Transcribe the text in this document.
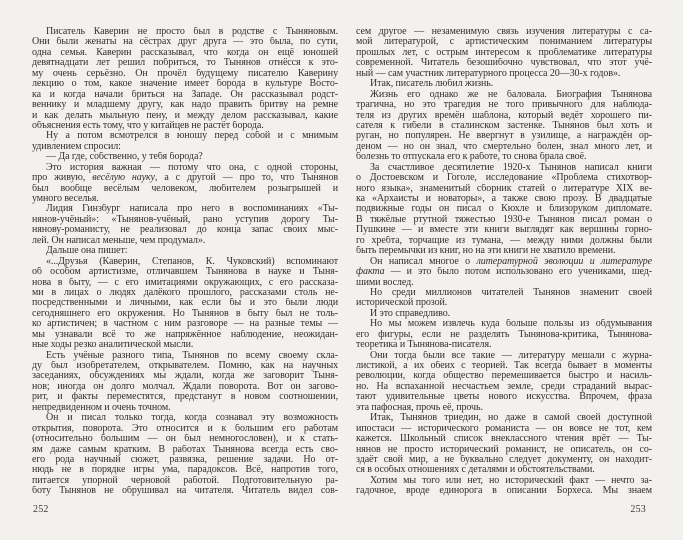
Писатель Каверин не просто был в родстве с Тыняновым.
Они были женаты на сёстрах друг друга — это была, по сути,
одна семья. Каверин рассказывал, что когда он ещё юношей
девятнадцати лет решил побриться, то Тынянов отнёсся к это-
му очень серьёзно. Он прочёл будущему писателю Каверину
лекцию о том, какое значение имеет борода в культуре Восто-
ка и когда начали бриться на Западе. Он рассказывал родст-
веннику и младшему другу, как надо править бритву на ремне
и как делать мыльную пену, и между делом рассказывал, какие
объяснения есть тому, что у китайцев не растёт борода.
Ну а потом всмотрелся в юношу перед собой и с мнимым
удивлением спросил:
— Да где, собственно, у тебя борода?
Это история важная — потому что она, с одной стороны,
про живую, весёлую науку, а с другой — про то, что Тынянов
был вообще весёлым человеком, любителем розыгрышей и
умного веселья.
Лидия Гинзбург написала про него в воспоминаниях «Ты-
нянов-учёный»: «Тынянов-учёный, рано уступив дорогу Ты-
нянову-романисту, не реализовал до конца запас своих мыс-
лей. Он написал меньше, чем продумал».
Дальше она пишет:
«...Друзья (Каверин, Степанов, К. Чуковский) вспоминают
об особом артистизме, отличавшем Тынянова в науке и Тыня-
нова в быту, — с его имитациями окружающих, с его рассказа-
ми в лицах о людях далёкого прошлого, рассказами столь не-
посредственными и личными, как если бы и это были люди
сегодняшнего его окружения. Но Тынянов в быту был не толь-
ко артистичен; в частном с ним разговоре — на разные темы —
мы узнавали всё то же напряжённое наблюдение, неожидан-
ные ходы резко аналитической мысли.
Есть учёные разного типа, Тынянов по всему своему скла-
ду был изобретателем, открывателем. Помню, как на научных
заседаниях, обсуждениях мы ждали, когда же заговорит Тыня-
нов; иногда он долго молчал. Ждали поворота. Вот он загово-
рит, и факты переместятся, предстанут в новом соотношении,
непредвиденном и очень точном.
Он и писал только тогда, когда сознавал эту возможность
открытия, поворота. Это относится и к большим его работам
(относительно большим — он был немногословен), и к стать-
ям даже самым кратким. В работах Тынянова всегда есть сво-
его рода научный сюжет, развязка, решение задачи. Но от-
нюдь не в порядке игры ума, парадоксов. Всё, напротив того,
питается упорной черновой работой. Подготовительную ра-
боту Тынянов не обрушивал на читателя. Читатель видел сов-
сем другое — незаменимую связь изучения литературы с са-
мой литературой, с артистическим пониманием литературы
прошлых лет, с острым интересом к проблематике литературы
современной. Читатель безошибочно чувствовал, что этот учё-
ный — сам участник литературного процесса 20—30-х годов».
Итак, писатель любил жизнь.
Жизнь его однако же не баловала. Биография Тынянова
трагична, но это трагедия не того привычного для наблюда-
теля из других времён шаблона, который ведёт хорошего пи-
сателя к гибели в сталинском застенке. Тынянов был хоть и
руган, но популярен. Не ввергнут в узилище, а награждён ор-
деном — но он знал, что смертельно болен, знал много лет, и
болезнь то отпускала его к работе, то снова брала своё.
За счастливое десятилетие 1920-х Тынянов написал книги
о Достоевском и Гоголе, исследование «Проблема стихотвор-
ного языка», знаменитый сборник статей о литературе XIX ве-
ка «Архаисты и новаторы», а также свою прозу. В двадцатые
подвижные годы он писал о Кюхле и близоруком дипломате.
В тяжёлые ртутной тяжестью 1930-е Тынянов писал роман о
Пушкине — и вместе эти книги выглядят как вершины горно-
го хребта, торчащие из тумана, — между ними должны были
быть перемычки из книг, но на эти книги не хватило времени.
Он написал многое о литературной эволюции и литературе
факта — и это было потом использовано его учениками, шед-
шими вослед.
Но среди миллионов читателей Тынянов знаменит своей
исторической прозой.
И это справедливо.
Но мы можем извлечь куда больше пользы из обдумывания
его фигуры, если не разделять Тынянова-критика, Тынянова-
теоретика и Тынянова-писателя.
Они тогда были все такие — литературу мешали с журна-
листикой, а их обеих с теорией. Так всегда бывает в моменты
революции, когда общество перемешивается быстро и насиль-
но. На вспаханной несчастьем земле, среди страданий вырас-
тают удивительные цветы нового искусства. Впрочем, фраза
эта пафосная, прочь её, прочь.
Итак, Тынянов триедин, но даже в самой своей доступной
ипостаси — исторического романиста — он вовсе не тот, кем
кажется. Школьный список внеклассного чтения врёт — Ты-
нянов не просто исторический романист, не описатель, он со-
здаёт свой мир, а не буквально следует документу, он находит-
ся в особых отношениях с деталями и обстоятельствами.
Хотим мы того или нет, но исторический факт — нечто за-
гадочное, вроде единорога в описании Борхеса. Мы знаем
252	253
